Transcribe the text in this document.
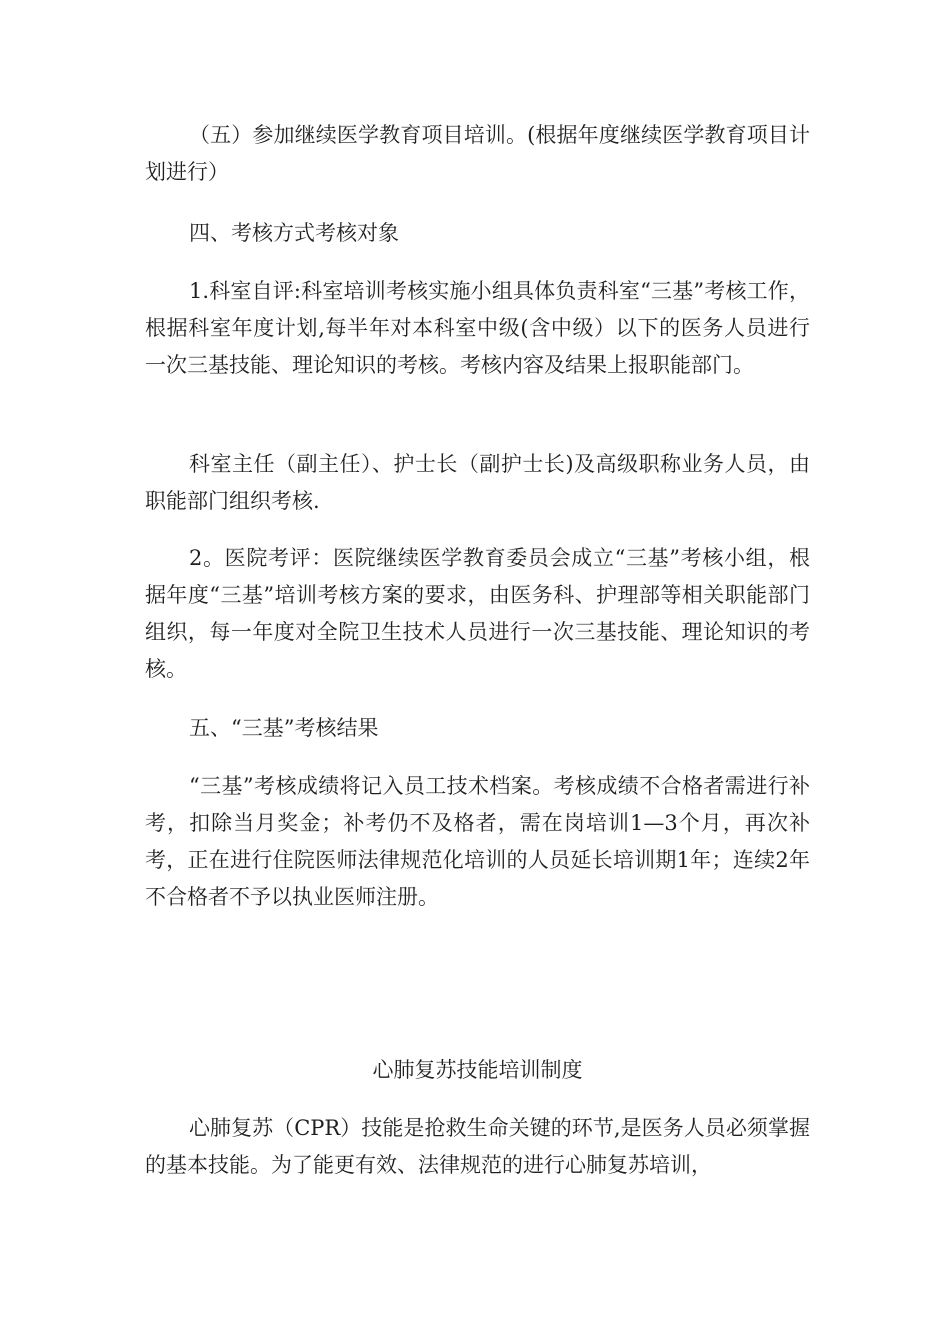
（五）参加继续医学教育项目培训。(根据年度继续医学教育项目计划进行）

四、考核方式考核对象

1.科室自评:科室培训考核实施小组具体负责科室“三基”考核工作，根据科室年度计划,每半年对本科室中级(含中级）以下的医务人员进行一次三基技能、理论知识的考核。考核内容及结果上报职能部门。

科室主任（副主任）、护士长（副护士长)及高级职称业务人员，由职能部门组织考核.

2。医院考评：医院继续医学教育委员会成立“三基”考核小组，根据年度“三基”培训考核方案的要求，由医务科、护理部等相关职能部门组织，每一年度对全院卫生技术人员进行一次三基技能、理论知识的考核。

五、“三基”考核结果

“三基”考核成绩将记入员工技术档案。考核成绩不合格者需进行补考，扣除当月奖金；补考仍不及格者，需在岗培训1—3个月，再次补考，正在进行住院医师法律规范化培训的人员延长培训期1年；连续2年不合格者不予以执业医师注册。

心肺复苏技能培训制度

心肺复苏（CPR）技能是抢救生命关键的环节,是医务人员必须掌握的基本技能。为了能更有效、法律规范的进行心肺复苏培训，
